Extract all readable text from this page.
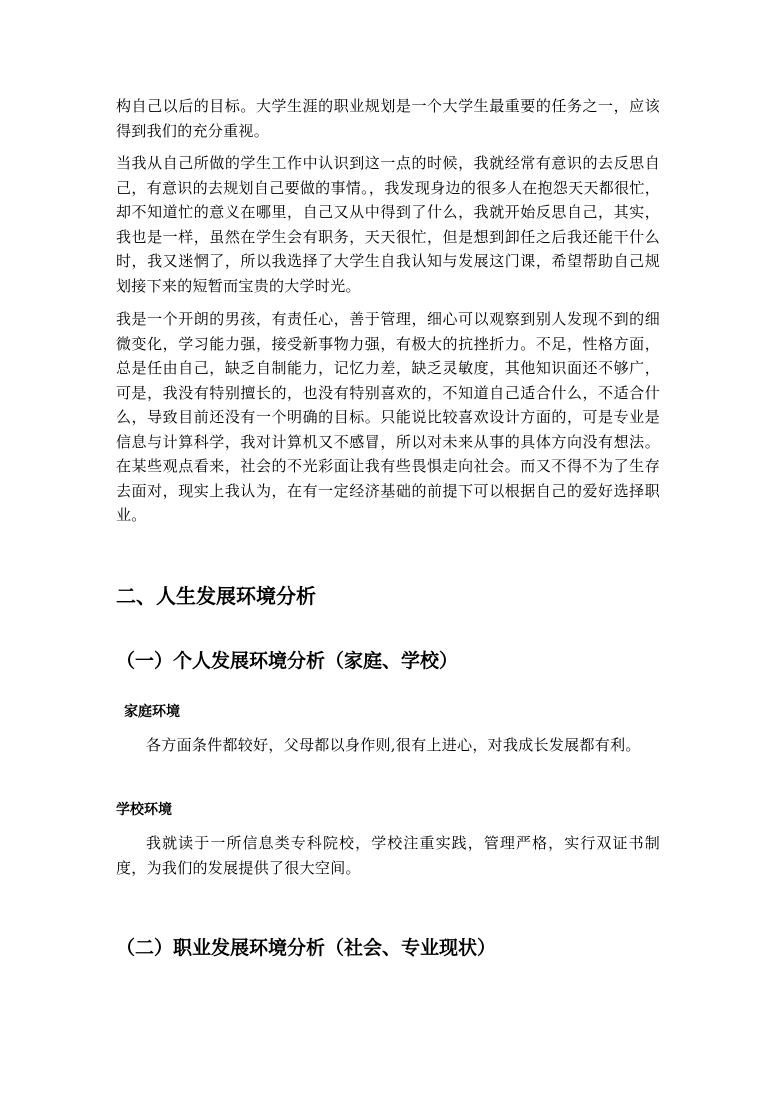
构自己以后的目标。大学生涯的职业规划是一个大学生最重要的任务之一，应该得到我们的充分重视。

当我从自己所做的学生工作中认识到这一点的时候，我就经常有意识的去反思自己，有意识的去规划自己要做的事情。，我发现身边的很多人在抱怨天天都很忙，却不知道忙的意义在哪里，自己又从中得到了什么，我就开始反思自己，其实，我也是一样，虽然在学生会有职务，天天很忙，但是想到卸任之后我还能干什么时，我又迷惘了，所以我选择了大学生自我认知与发展这门课，希望帮助自己规划接下来的短暂而宝贵的大学时光。

我是一个开朗的男孩，有责任心，善于管理，细心可以观察到别人发现不到的细微变化，学习能力强，接受新事物力强，有极大的抗挫折力。不足，性格方面，总是任由自己，缺乏自制能力，记忆力差，缺乏灵敏度，其他知识面还不够广，可是，我没有特别擅长的，也没有特别喜欢的，不知道自己适合什么，不适合什么，导致目前还没有一个明确的目标。只能说比较喜欢设计方面的，可是专业是信息与计算科学，我对计算机又不感冒，所以对未来从事的具体方向没有想法。在某些观点看来，社会的不光彩面让我有些畏惧走向社会。而又不得不为了生存去面对，现实上我认为，在有一定经济基础的前提下可以根据自己的爱好选择职业。

二、人生发展环境分析
（一）个人发展环境分析（家庭、学校）
家庭环境

各方面条件都较好，父母都以身作则,很有上进心，对我成长发展都有利。

学校环境

我就读于一所信息类专科院校，学校注重实践，管理严格，实行双证书制度，为我们的发展提供了很大空间。

（二）职业发展环境分析（社会、专业现状）
